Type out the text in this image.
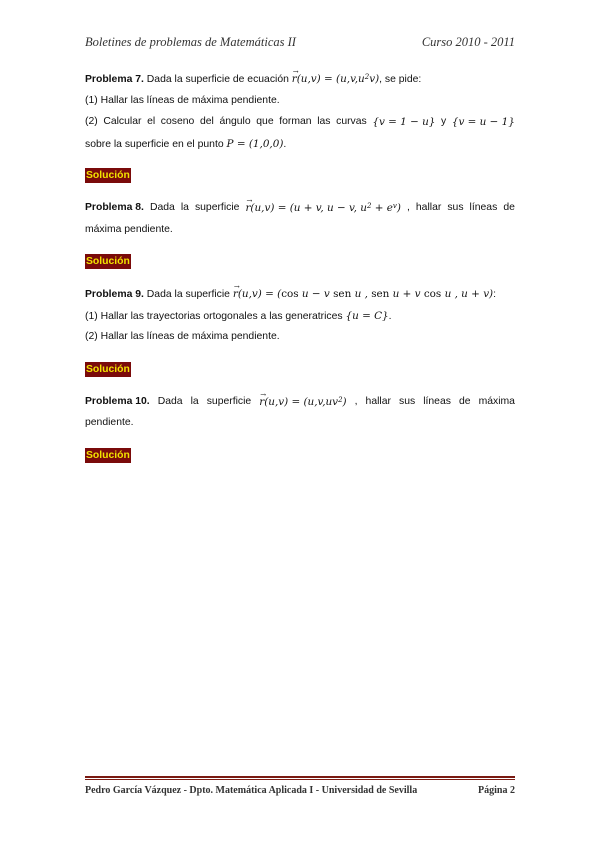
Boletines de problemas de Matemáticas II	Curso 2010 - 2011
Problema 7. Dada la superficie de ecuación r
→
$(u,v) = (u,v,u^2v)$, se pide:
(1) Hallar las líneas de máxima pendiente.
(2) Calcular el coseno del ángulo que forman las curvas {v = 1 − u} y {v = u − 1}
sobre la superficie en el punto P = (1,0,0).
Solución
Problema 8. Dada la superficie r
→
(u,v) = (u + v, u − v, $u^2 + e^v$) , hallar sus líneas de
máxima pendiente.
Solución
Problema 9. Dada la superficie r
→
(u,v) = (cos u − v sen u , sen u + v cos u , u + v):
(1) Hallar las trayectorias ortogonales a las generatrices {u = C}.
(2) Hallar las líneas de máxima pendiente.
Solución
Problema 10. Dada la superficie r
→
$(u,v) = (u,v,uv^2)$ , hallar sus líneas de máxima
pendiente.
Solución
Pedro García Vázquez - Dpto. Matemática Aplicada I - Universidad de Sevilla	Página 2
